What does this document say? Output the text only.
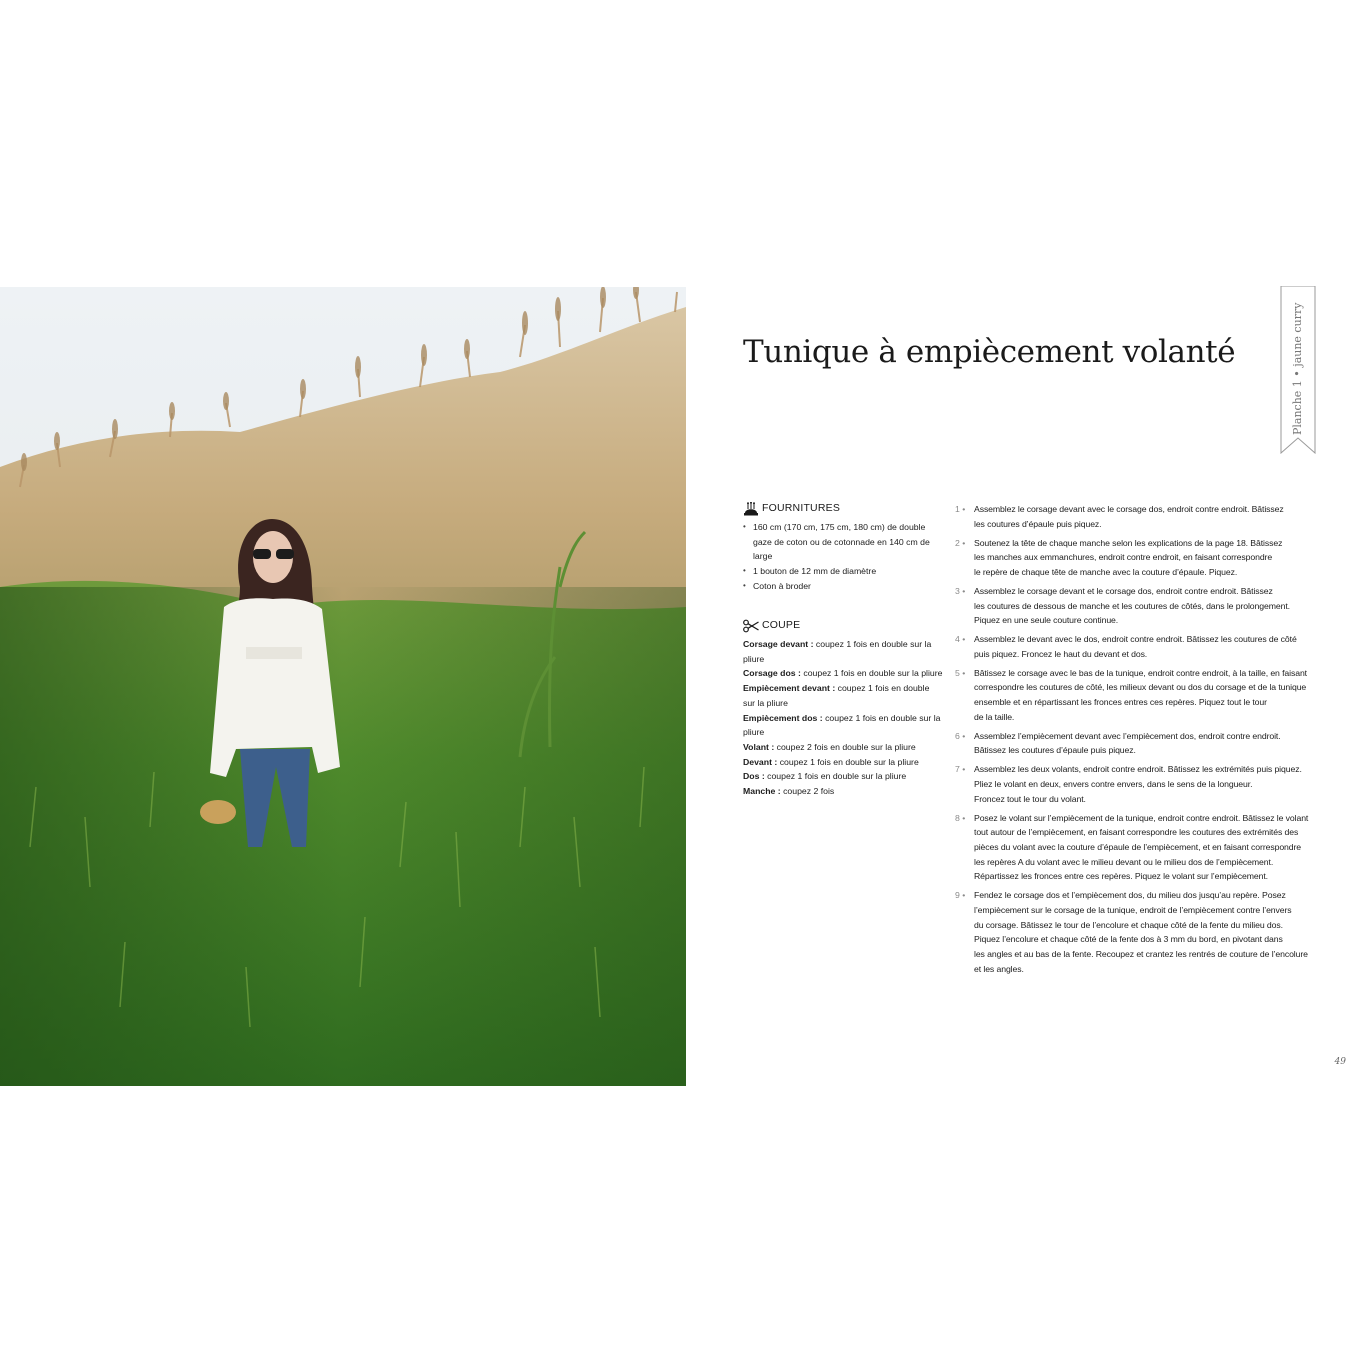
Tunique à empiècement volanté	Planche 1 • jaune curry
FOURNITURES
• 160 cm (170 cm, 175 cm, 180 cm) de double gaze de coton ou de cotonnade en 140 cm de large
• 1 bouton de 12 mm de diamètre
• Coton à broder
COUPE
Corsage devant : coupez 1 fois en double sur la pliure
Corsage dos : coupez 1 fois en double sur la pliure
Empiècement devant : coupez 1 fois en double sur la pliure
Empiècement dos : coupez 1 fois en double sur la pliure
Volant : coupez 2 fois en double sur la pliure
Devant : coupez 1 fois en double sur la pliure
Dos : coupez 1 fois en double sur la pliure
Manche : coupez 2 fois
1 •	Assemblez le corsage devant avec le corsage dos, endroit contre endroit. Bâtissez
les coutures d’épaule puis piquez.
2 •	Soutenez la tête de chaque manche selon les explications de la page 18. Bâtissez
les manches aux emmanchures, endroit contre endroit, en faisant correspondre
le repère de chaque tête de manche avec la couture d’épaule. Piquez.
3 •	Assemblez le corsage devant et le corsage dos, endroit contre endroit. Bâtissez
les coutures de dessous de manche et les coutures de côtés, dans le prolongement.
Piquez en une seule couture continue.
4 •	Assemblez le devant avec le dos, endroit contre endroit. Bâtissez les coutures de côté
puis piquez. Froncez le haut du devant et dos.
5 •	Bâtissez le corsage avec le bas de la tunique, endroit contre endroit, à la taille, en faisant
correspondre les coutures de côté, les milieux devant ou dos du corsage et de la tunique
ensemble et en répartissant les fronces entres ces repères. Piquez tout le tour
de la taille.
6 •	Assemblez l’empiècement devant avec l’empiècement dos, endroit contre endroit.
Bâtissez les coutures d’épaule puis piquez.
7 •	Assemblez les deux volants, endroit contre endroit. Bâtissez les extrémités puis piquez.
Pliez le volant en deux, envers contre envers, dans le sens de la longueur.
Froncez tout le tour du volant.
8 •	Posez le volant sur l’empiècement de la tunique, endroit contre endroit. Bâtissez le volant
tout autour de l’empiècement, en faisant correspondre les coutures des extrémités des
pièces du volant avec la couture d’épaule de l’empiècement, et en faisant correspondre
les repères A du volant avec le milieu devant ou le milieu dos de l’empiècement.
Répartissez les fronces entre ces repères. Piquez le volant sur l’empiècement.
9 •	Fendez le corsage dos et l’empiècement dos, du milieu dos jusqu’au repère. Posez
l’empiècement sur le corsage de la tunique, endroit de l’empiècement contre l’envers
du corsage. Bâtissez le tour de l’encolure et chaque côté de la fente du milieu dos.
Piquez l’encolure et chaque côté de la fente dos à 3 mm du bord, en pivotant dans
les angles et au bas de la fente. Recoupez et crantez les rentrés de couture de l’encolure
et les angles.
49
